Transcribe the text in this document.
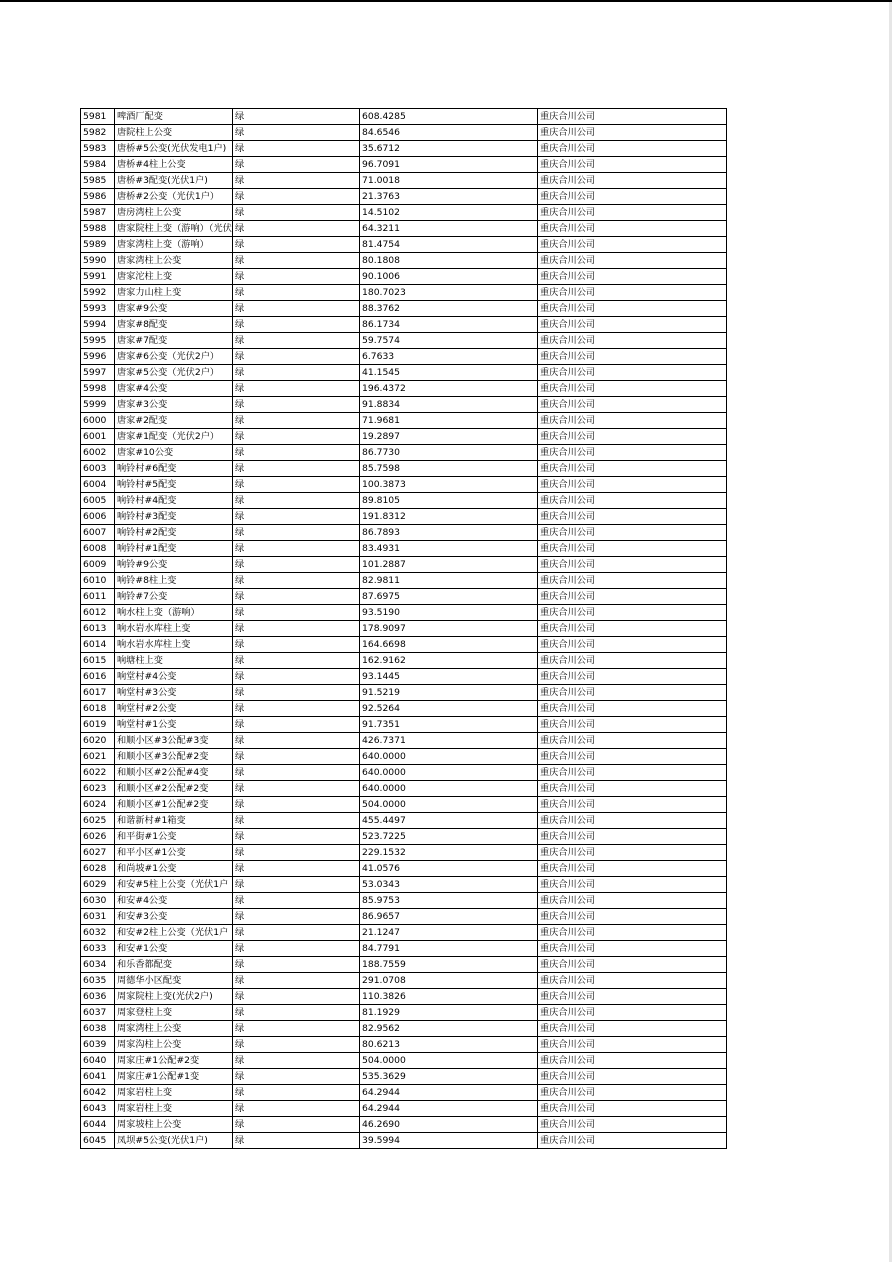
5981	啤酒厂配变	绿	608.4285	重庆合川公司
5982	唐院柱上公变	绿	84.6546	重庆合川公司
5983	唐桥#5公变(光伏发电1户)	绿	35.6712	重庆合川公司
5984	唐桥#4柱上公变	绿	96.7091	重庆合川公司
5985	唐桥#3配变(光伏1户)	绿	71.0018	重庆合川公司
5986	唐桥#2公变（光伏1户）	绿	21.3763	重庆合川公司
5987	唐房湾柱上公变	绿	14.5102	重庆合川公司
5988	唐家院柱上变（游响）（光伏	绿	64.3211	重庆合川公司
5989	唐家湾柱上变（游响）	绿	81.4754	重庆合川公司
5990	唐家湾柱上公变	绿	80.1808	重庆合川公司
5991	唐家沱柱上变	绿	90.1006	重庆合川公司
5992	唐家力山柱上变	绿	180.7023	重庆合川公司
5993	唐家#9公变	绿	88.3762	重庆合川公司
5994	唐家#8配变	绿	86.1734	重庆合川公司
5995	唐家#7配变	绿	59.7574	重庆合川公司
5996	唐家#6公变（光伏2户）	绿	6.7633	重庆合川公司
5997	唐家#5公变（光伏2户）	绿	41.1545	重庆合川公司
5998	唐家#4公变	绿	196.4372	重庆合川公司
5999	唐家#3公变	绿	91.8834	重庆合川公司
6000	唐家#2配变	绿	71.9681	重庆合川公司
6001	唐家#1配变（光伏2户）	绿	19.2897	重庆合川公司
6002	唐家#10公变	绿	86.7730	重庆合川公司
6003	响铃村#6配变	绿	85.7598	重庆合川公司
6004	响铃村#5配变	绿	100.3873	重庆合川公司
6005	响铃村#4配变	绿	89.8105	重庆合川公司
6006	响铃村#3配变	绿	191.8312	重庆合川公司
6007	响铃村#2配变	绿	86.7893	重庆合川公司
6008	响铃村#1配变	绿	83.4931	重庆合川公司
6009	响铃#9公变	绿	101.2887	重庆合川公司
6010	响铃#8柱上变	绿	82.9811	重庆合川公司
6011	响铃#7公变	绿	87.6975	重庆合川公司
6012	响水柱上变（游响）	绿	93.5190	重庆合川公司
6013	响水岩水库柱上变	绿	178.9097	重庆合川公司
6014	响水岩水库柱上变	绿	164.6698	重庆合川公司
6015	响塘柱上变	绿	162.9162	重庆合川公司
6016	响堂村#4公变	绿	93.1445	重庆合川公司
6017	响堂村#3公变	绿	91.5219	重庆合川公司
6018	响堂村#2公变	绿	92.5264	重庆合川公司
6019	响堂村#1公变	绿	91.7351	重庆合川公司
6020	和顺小区#3公配#3变	绿	426.7371	重庆合川公司
6021	和顺小区#3公配#2变	绿	640.0000	重庆合川公司
6022	和顺小区#2公配#4变	绿	640.0000	重庆合川公司
6023	和顺小区#2公配#2变	绿	640.0000	重庆合川公司
6024	和顺小区#1公配#2变	绿	504.0000	重庆合川公司
6025	和谐新村#1箱变	绿	455.4497	重庆合川公司
6026	和平街#1公变	绿	523.7225	重庆合川公司
6027	和平小区#1公变	绿	229.1532	重庆合川公司
6028	和尚坡#1公变	绿	41.0576	重庆合川公司
6029	和安#5柱上公变（光伏1户	绿	53.0343	重庆合川公司
6030	和安#4公变	绿	85.9753	重庆合川公司
6031	和安#3公变	绿	86.9657	重庆合川公司
6032	和安#2柱上公变（光伏1户	绿	21.1247	重庆合川公司
6033	和安#1公变	绿	84.7791	重庆合川公司
6034	和乐香都配变	绿	188.7559	重庆合川公司
6035	周德华小区配变	绿	291.0708	重庆合川公司
6036	周家院柱上变(光伏2户)	绿	110.3826	重庆合川公司
6037	周家登柱上变	绿	81.1929	重庆合川公司
6038	周家湾柱上公变	绿	82.9562	重庆合川公司
6039	周家沟柱上公变	绿	80.6213	重庆合川公司
6040	周家庄#1公配#2变	绿	504.0000	重庆合川公司
6041	周家庄#1公配#1变	绿	535.3629	重庆合川公司
6042	周家岩柱上变	绿	64.2944	重庆合川公司
6043	周家岩柱上变	绿	64.2944	重庆合川公司
6044	周家坡柱上公变	绿	46.2690	重庆合川公司
6045	凤坝#5公变(光伏1户)	绿	39.5994	重庆合川公司
